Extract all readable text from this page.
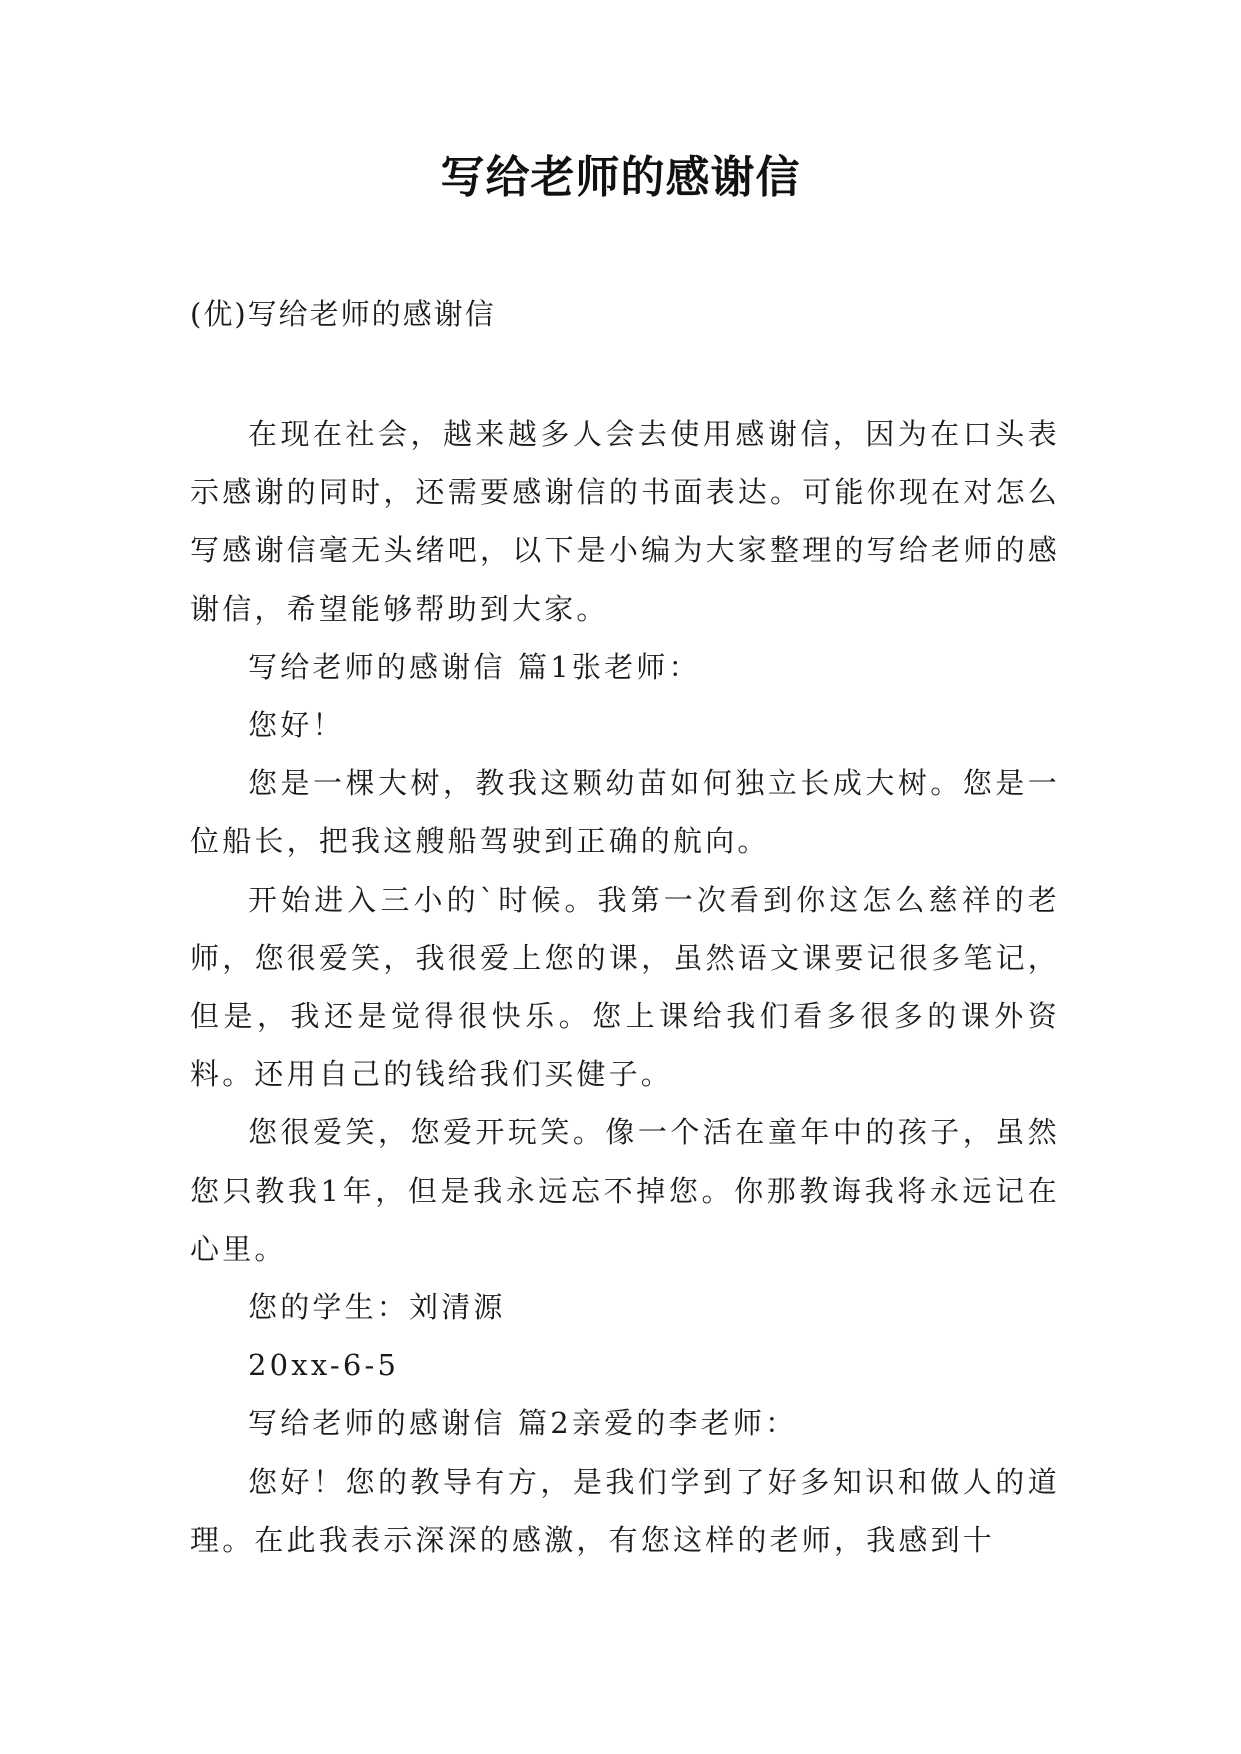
写给老师的感谢信
(优)写给老师的感谢信

在现在社会，越来越多人会去使用感谢信，因为在口头表示感谢的同时，还需要感谢信的书面表达。可能你现在对怎么写感谢信毫无头绪吧，以下是小编为大家整理的写给老师的感谢信，希望能够帮助到大家。

写给老师的感谢信 篇1张老师：

您好！

您是一棵大树，教我这颗幼苗如何独立长成大树。您是一位船长，把我这艘船驾驶到正确的航向。

开始进入三小的`时候。我第一次看到你这怎么慈祥的老师，您很爱笑，我很爱上您的课，虽然语文课要记很多笔记，但是，我还是觉得很快乐。您上课给我们看多很多的课外资料。还用自己的钱给我们买健子。

您很爱笑，您爱开玩笑。像一个活在童年中的孩子，虽然您只教我1年，但是我永远忘不掉您。你那教诲我将永远记在心里。

您的学生：刘清源

20xx-6-5

写给老师的感谢信 篇2亲爱的李老师：

您好！您的教导有方，是我们学到了好多知识和做人的道理。在此我表示深深的感激，有您这样的老师，我感到十
